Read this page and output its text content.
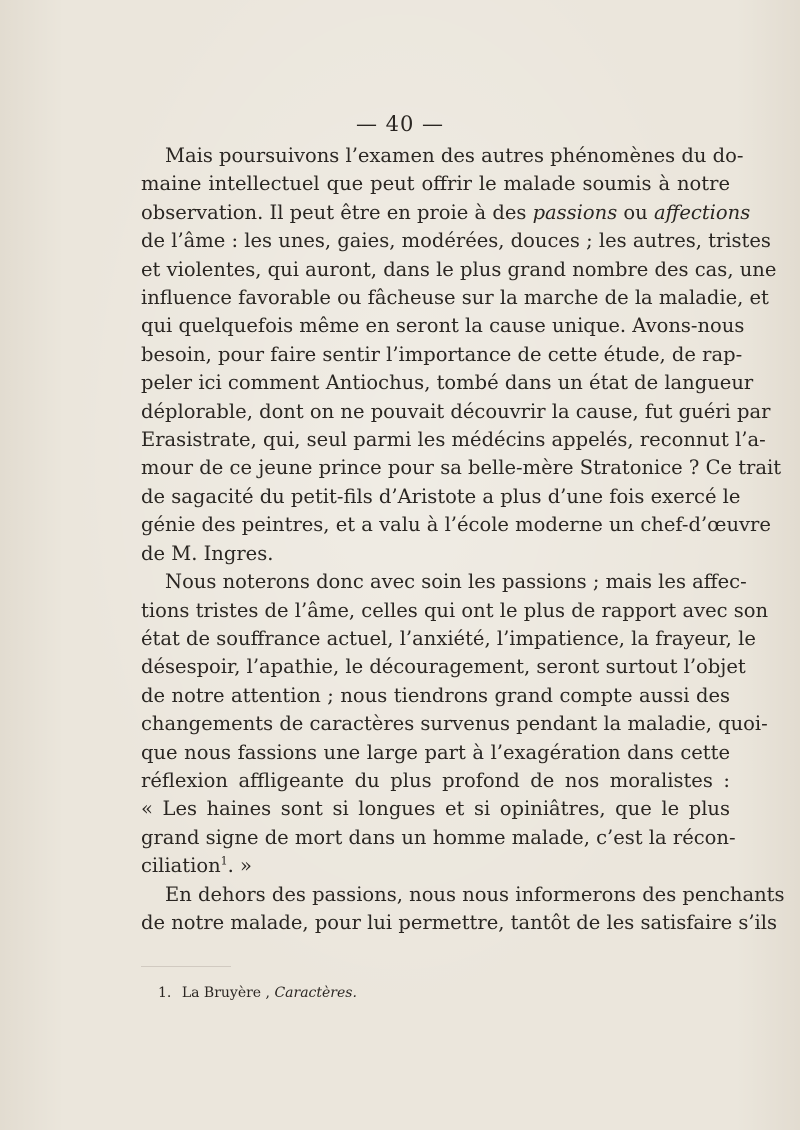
— 40 —

Mais poursuivons l’examen des autres phénomènes du do-
maine intellectuel que peut offrir le malade soumis à notre
observation. Il peut être en proie à des passions ou affections
de l’âme : les unes, gaies, modérées, douces ; les autres, tristes
et violentes, qui auront, dans le plus grand nombre des cas, une
influence favorable ou fâcheuse sur la marche de la maladie, et
qui quelquefois même en seront la cause unique. Avons-nous
besoin, pour faire sentir l’importance de cette étude, de rap-
peler ici comment Antiochus, tombé dans un état de langueur
déplorable, dont on ne pouvait découvrir la cause, fut guéri par
Erasistrate, qui, seul parmi les médécins appelés, reconnut l’a-
mour de ce jeune prince pour sa belle-mère Stratonice ? Ce trait
de sagacité du petit-fils d’Aristote a plus d’une fois exercé le
génie des peintres, et a valu à l’école moderne un chef-d’œuvre
de M. Ingres.

Nous noterons donc avec soin les passions ; mais les affec-
tions tristes de l’âme, celles qui ont le plus de rapport avec son
état de souffrance actuel, l’anxiété, l’impatience, la frayeur, le
désespoir, l’apathie, le découragement, seront surtout l’objet
de notre attention ; nous tiendrons grand compte aussi des
changements de caractères survenus pendant la maladie, quoi-
que nous fassions une large part à l’exagération dans cette
réflexion affligeante du plus profond de nos moralistes :
« Les haines sont si longues et si opiniâtres, que le plus
grand signe de mort dans un homme malade, c’est la récon-
ciliation$^1$. »

En dehors des passions, nous nous informerons des penchants
de notre malade, pour lui permettre, tantôt de les satisfaire s’ils

1. La Bruyère , Caractères.
